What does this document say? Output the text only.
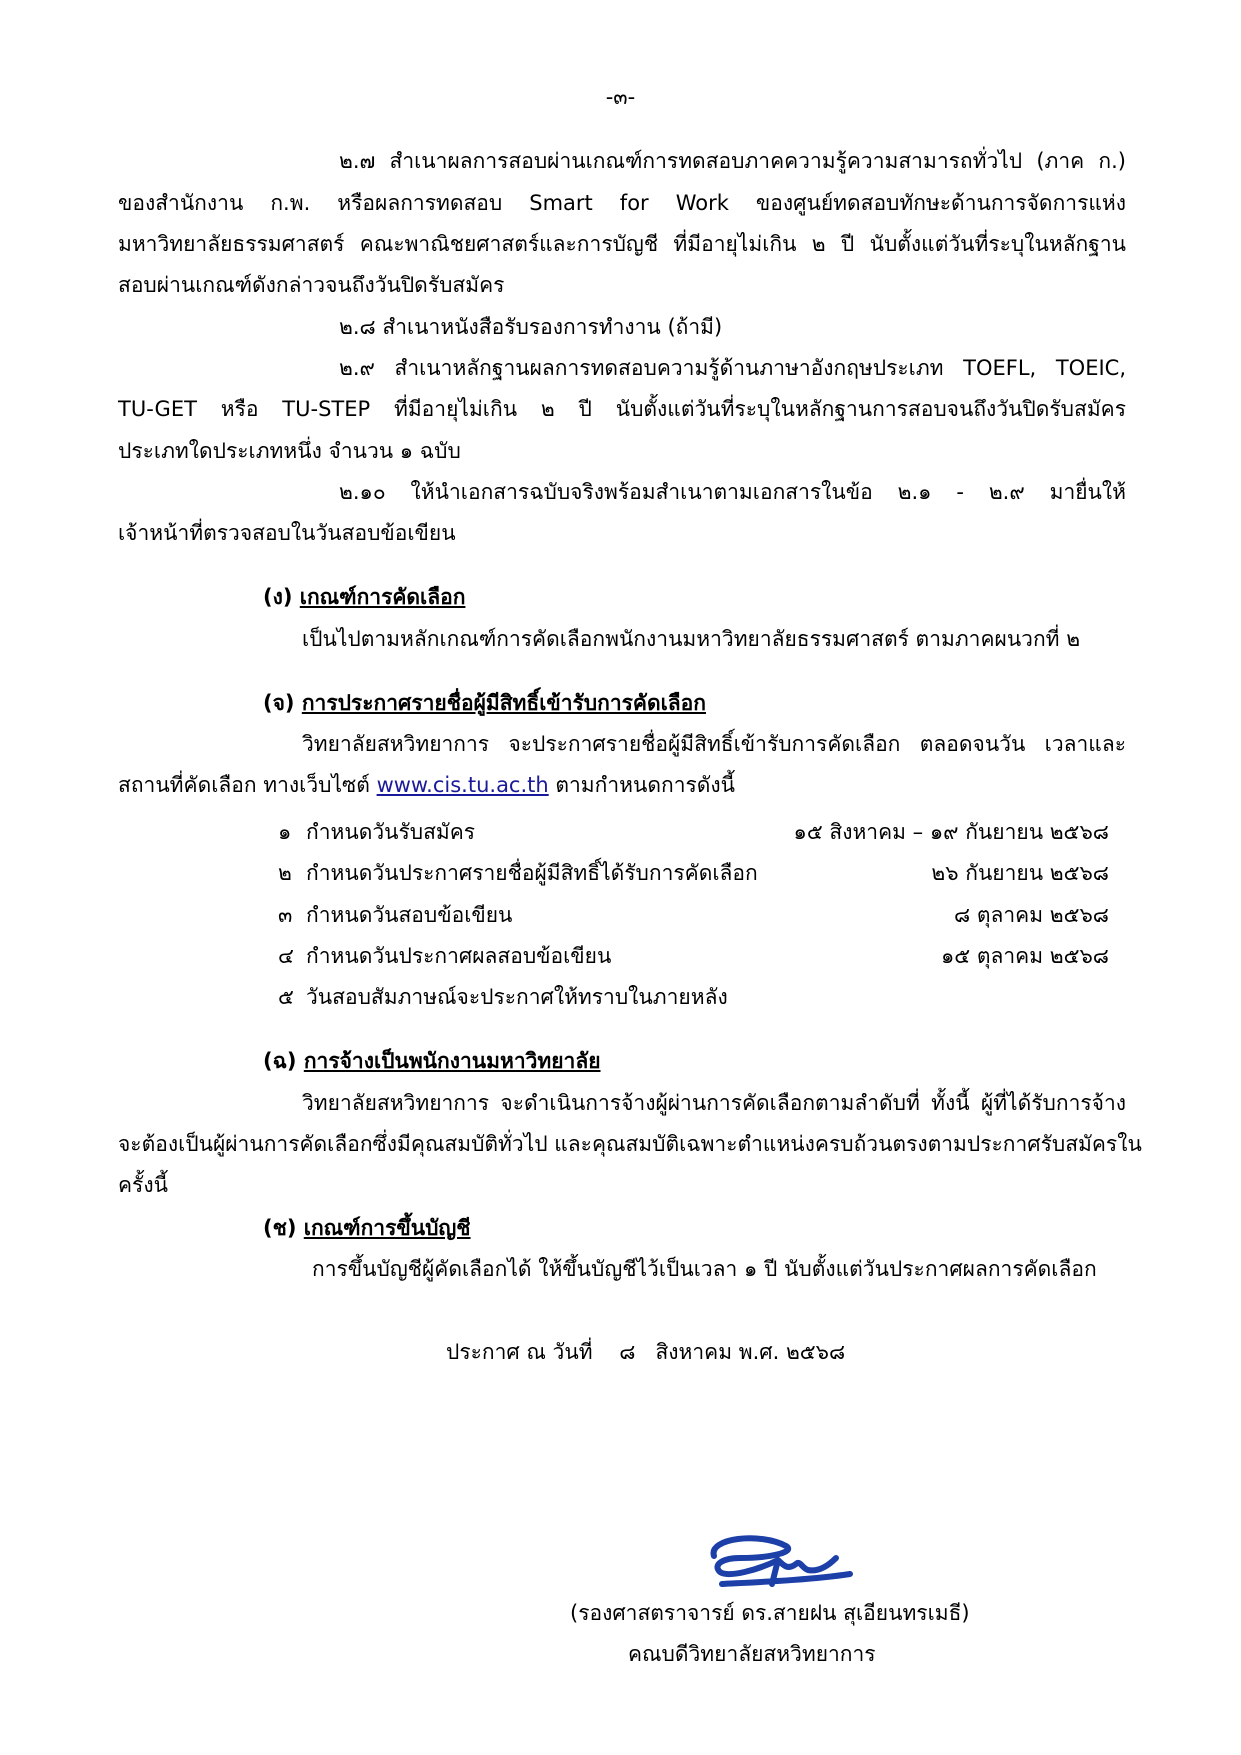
-๓-
๒.๗ สำเนาผลการสอบผ่านเกณฑ์การทดสอบภาคความรู้ความสามารถทั่วไป (ภาค ก.)
ของสำนักงาน ก.พ. หรือผลการทดสอบ Smart for Work ของศูนย์ทดสอบทักษะด้านการจัดการแห่ง
มหาวิทยาลัยธรรมศาสตร์ คณะพาณิชยศาสตร์และการบัญชี ที่มีอายุไม่เกิน ๒ ปี นับตั้งแต่วันที่ระบุในหลักฐาน
สอบผ่านเกณฑ์ดังกล่าวจนถึงวันปิดรับสมัคร
๒.๘ สำเนาหนังสือรับรองการทำงาน (ถ้ามี)
๒.๙ สำเนาหลักฐานผลการทดสอบความรู้ด้านภาษาอังกฤษประเภท TOEFL, TOEIC,
TU-GET หรือ TU-STEP ที่มีอายุไม่เกิน ๒ ปี นับตั้งแต่วันที่ระบุในหลักฐานการสอบจนถึงวันปิดรับสมัคร
ประเภทใดประเภทหนึ่ง จำนวน ๑ ฉบับ
๒.๑๐ ให้นำเอกสารฉบับจริงพร้อมสำเนาตามเอกสารในข้อ ๒.๑ - ๒.๙ มายื่นให้
เจ้าหน้าที่ตรวจสอบในวันสอบข้อเขียน
(ง) เกณฑ์การคัดเลือก
เป็นไปตามหลักเกณฑ์การคัดเลือกพนักงานมหาวิทยาลัยธรรมศาสตร์ ตามภาคผนวกที่ ๒
(จ) การประกาศรายชื่อผู้มีสิทธิ์เข้ารับการคัดเลือก
วิทยาลัยสหวิทยาการ จะประกาศรายชื่อผู้มีสิทธิ์เข้ารับการคัดเลือก ตลอดจนวัน เวลาและ
สถานที่คัดเลือก ทางเว็บไซต์ www.cis.tu.ac.th ตามกำหนดการดังนี้
๑ กำหนดวันรับสมัคร	๑๕ สิงหาคม – ๑๙ กันยายน ๒๕๖๘
๒ กำหนดวันประกาศรายชื่อผู้มีสิทธิ์ได้รับการคัดเลือก	๒๖ กันยายน ๒๕๖๘
๓ กำหนดวันสอบข้อเขียน	๘ ตุลาคม ๒๕๖๘
๔ กำหนดวันประกาศผลสอบข้อเขียน	๑๕ ตุลาคม ๒๕๖๘
๕ วันสอบสัมภาษณ์จะประกาศให้ทราบในภายหลัง
(ฉ) การจ้างเป็นพนักงานมหาวิทยาลัย
วิทยาลัยสหวิทยาการ จะดำเนินการจ้างผู้ผ่านการคัดเลือกตามลำดับที่ ทั้งนี้ ผู้ที่ได้รับการจ้าง
จะต้องเป็นผู้ผ่านการคัดเลือกซึ่งมีคุณสมบัติทั่วไป และคุณสมบัติเฉพาะตำแหน่งครบถ้วนตรงตามประกาศรับสมัครใน
ครั้งนี้
(ช) เกณฑ์การขึ้นบัญชี
การขึ้นบัญชีผู้คัดเลือกได้ ให้ขึ้นบัญชีไว้เป็นเวลา ๑ ปี นับตั้งแต่วันประกาศผลการคัดเลือก
ประกาศ ณ วันที่    ๘   สิงหาคม พ.ศ. ๒๕๖๘
(รองศาสตราจารย์ ดร.สายฝน สุเอียนทรเมธี)
คณบดีวิทยาลัยสหวิทยาการ
